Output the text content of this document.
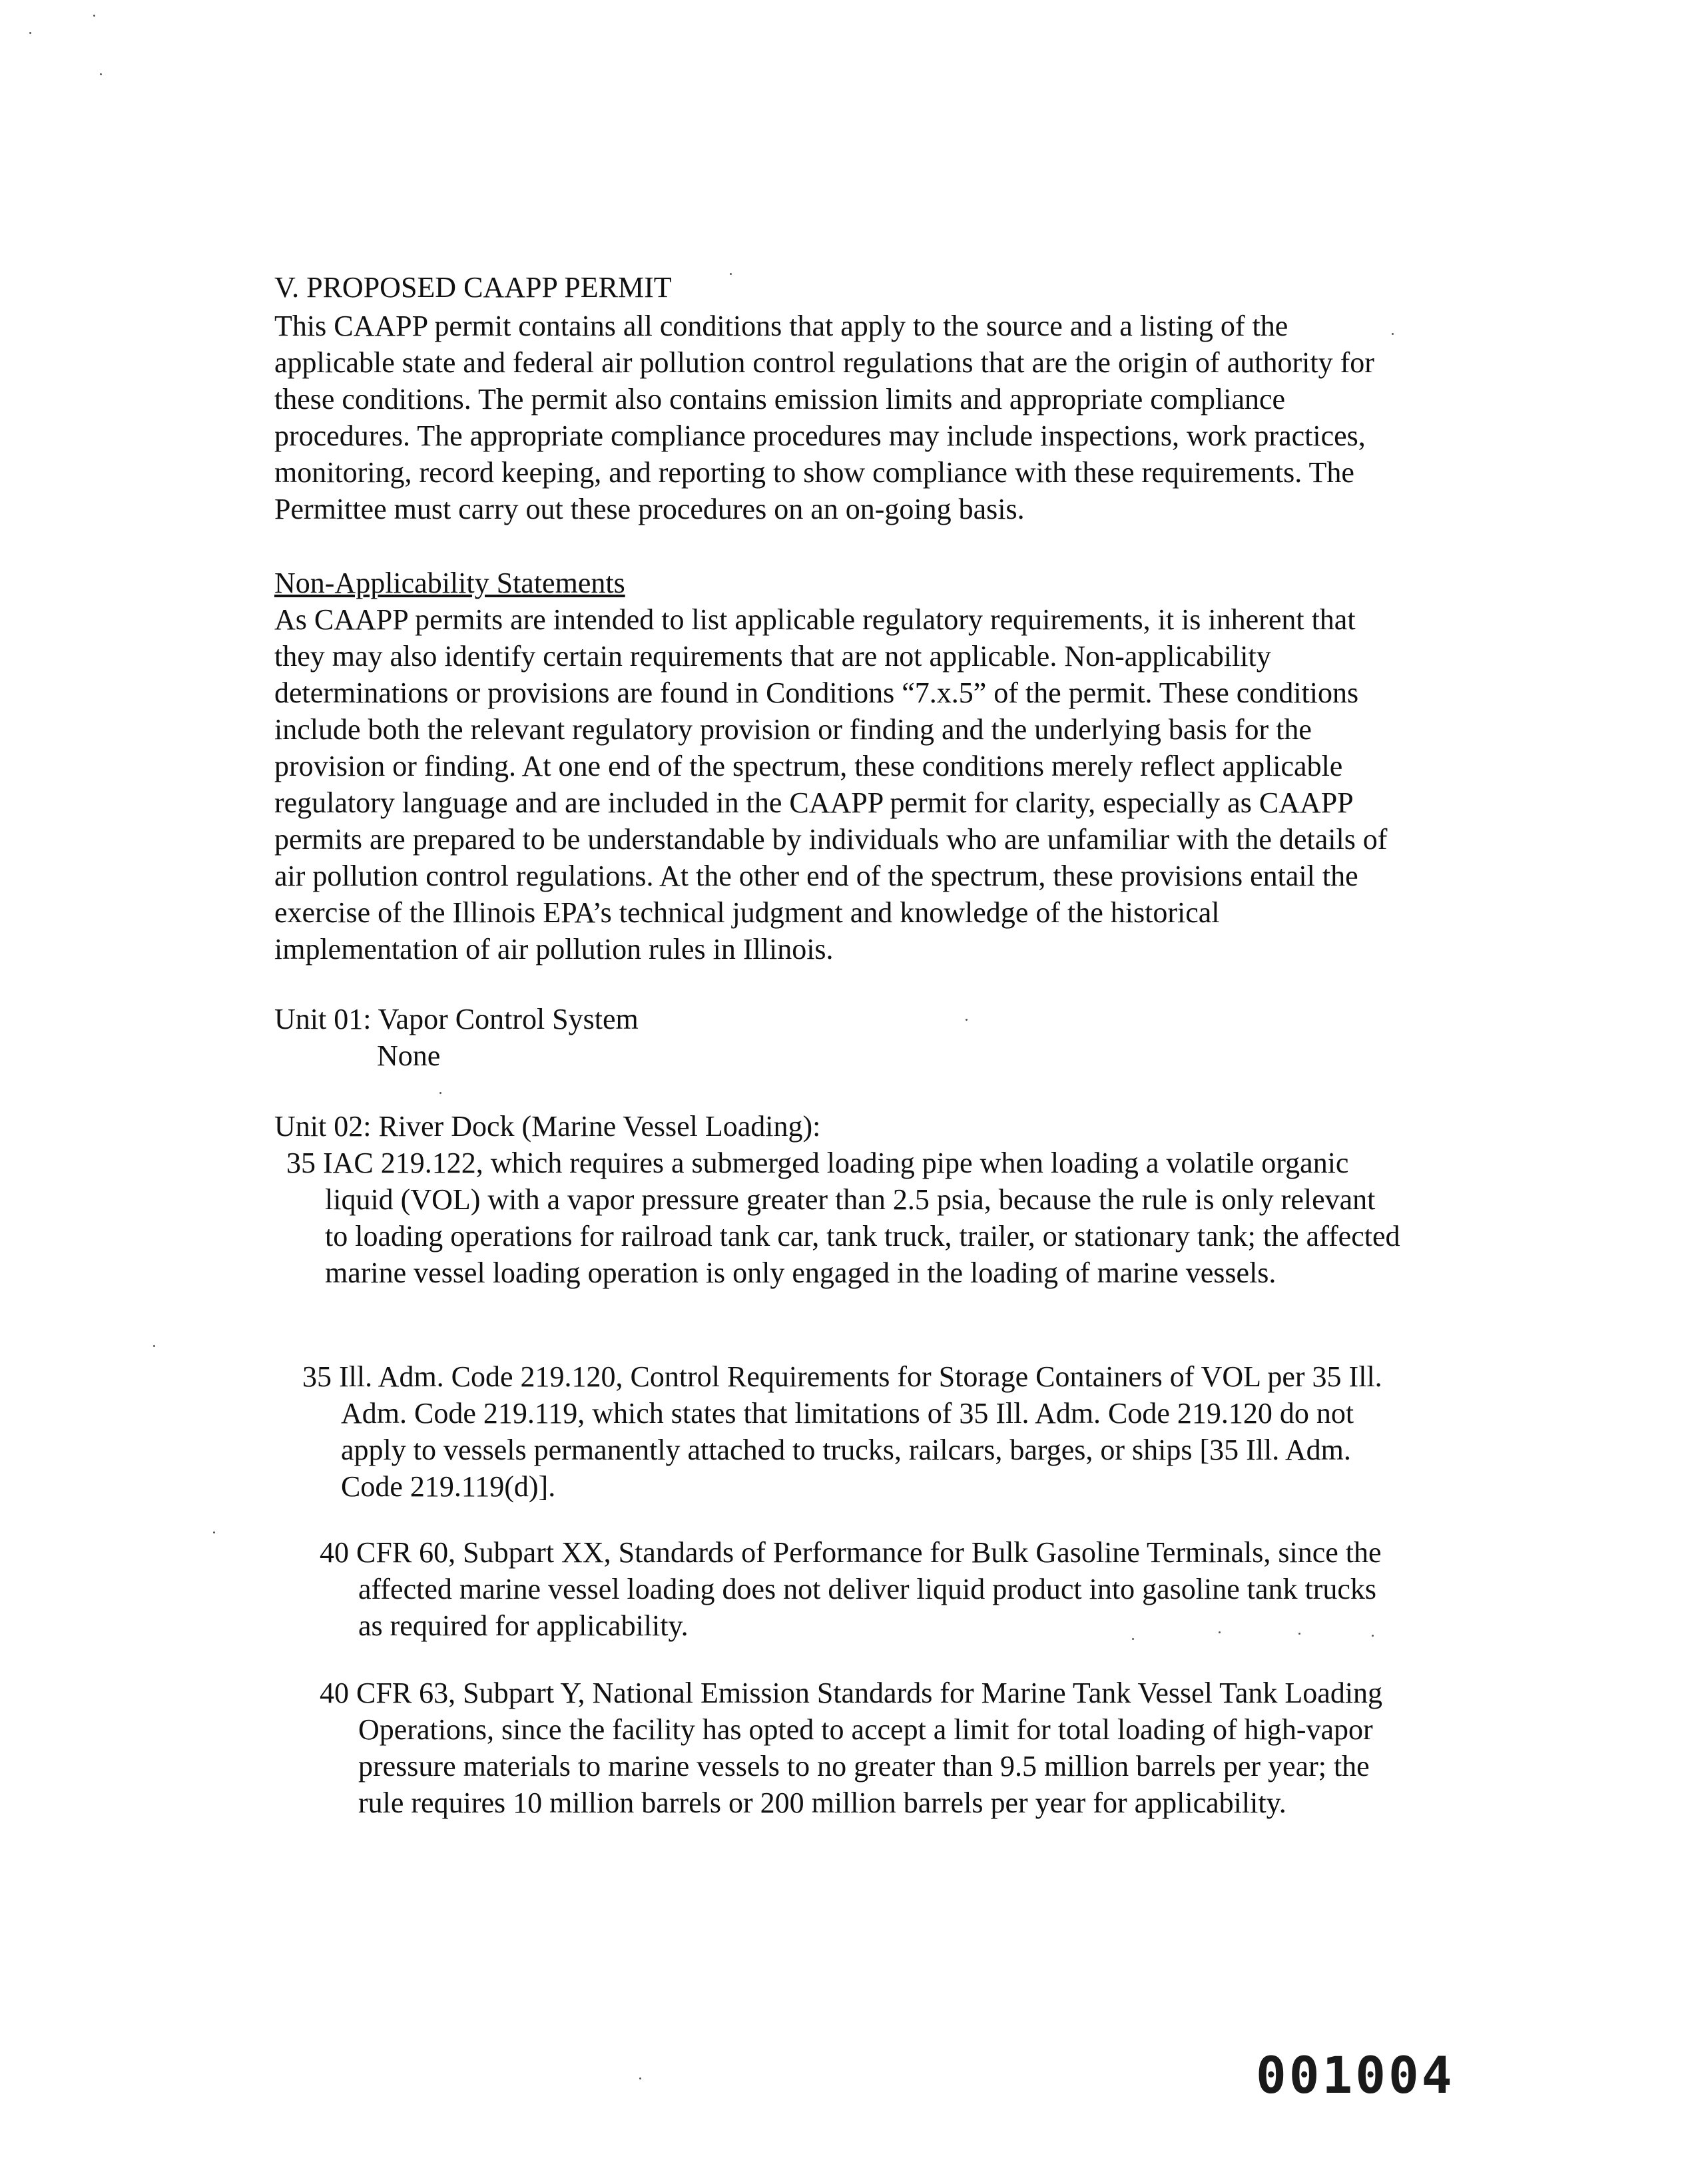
V. PROPOSED CAAPP PERMIT

This CAAPP permit contains all conditions that apply to the source and a listing of the applicable state and federal air pollution control regulations that are the origin of authority for these conditions. The permit also contains emission limits and appropriate compliance procedures. The appropriate compliance procedures may include inspections, work practices, monitoring, record keeping, and reporting to show compliance with these requirements. The Permittee must carry out these procedures on an on-going basis.

Non-Applicability Statements

As CAAPP permits are intended to list applicable regulatory requirements, it is inherent that they may also identify certain requirements that are not applicable. Non-applicability determinations or provisions are found in Conditions “7.x.5” of the permit. These conditions include both the relevant regulatory provision or finding and the underlying basis for the provision or finding. At one end of the spectrum, these conditions merely reflect applicable regulatory language and are included in the CAAPP permit for clarity, especially as CAAPP permits are prepared to be understandable by individuals who are unfamiliar with the details of air pollution control regulations. At the other end of the spectrum, these provisions entail the exercise of the Illinois EPA’s technical judgment and knowledge of the historical implementation of air pollution rules in Illinois.

Unit 01: Vapor Control System

None

Unit 02: River Dock (Marine Vessel Loading):

35 IAC 219.122, which requires a submerged loading pipe when loading a volatile organic liquid (VOL) with a vapor pressure greater than 2.5 psia, because the rule is only relevant to loading operations for railroad tank car, tank truck, trailer, or stationary tank; the affected marine vessel loading operation is only engaged in the loading of marine vessels.

35 Ill. Adm. Code 219.120, Control Requirements for Storage Containers of VOL per 35 Ill. Adm. Code 219.119, which states that limitations of 35 Ill. Adm. Code 219.120 do not apply to vessels permanently attached to trucks, railcars, barges, or ships [35 Ill. Adm. Code 219.119(d)].

40 CFR 60, Subpart XX, Standards of Performance for Bulk Gasoline Terminals, since the affected marine vessel loading does not deliver liquid product into gasoline tank trucks as required for applicability.

40 CFR 63, Subpart Y, National Emission Standards for Marine Tank Vessel Tank Loading Operations, since the facility has opted to accept a limit for total loading of high-vapor pressure materials to marine vessels to no greater than 9.5 million barrels per year; the rule requires 10 million barrels or 200 million barrels per year for applicability.

001004
